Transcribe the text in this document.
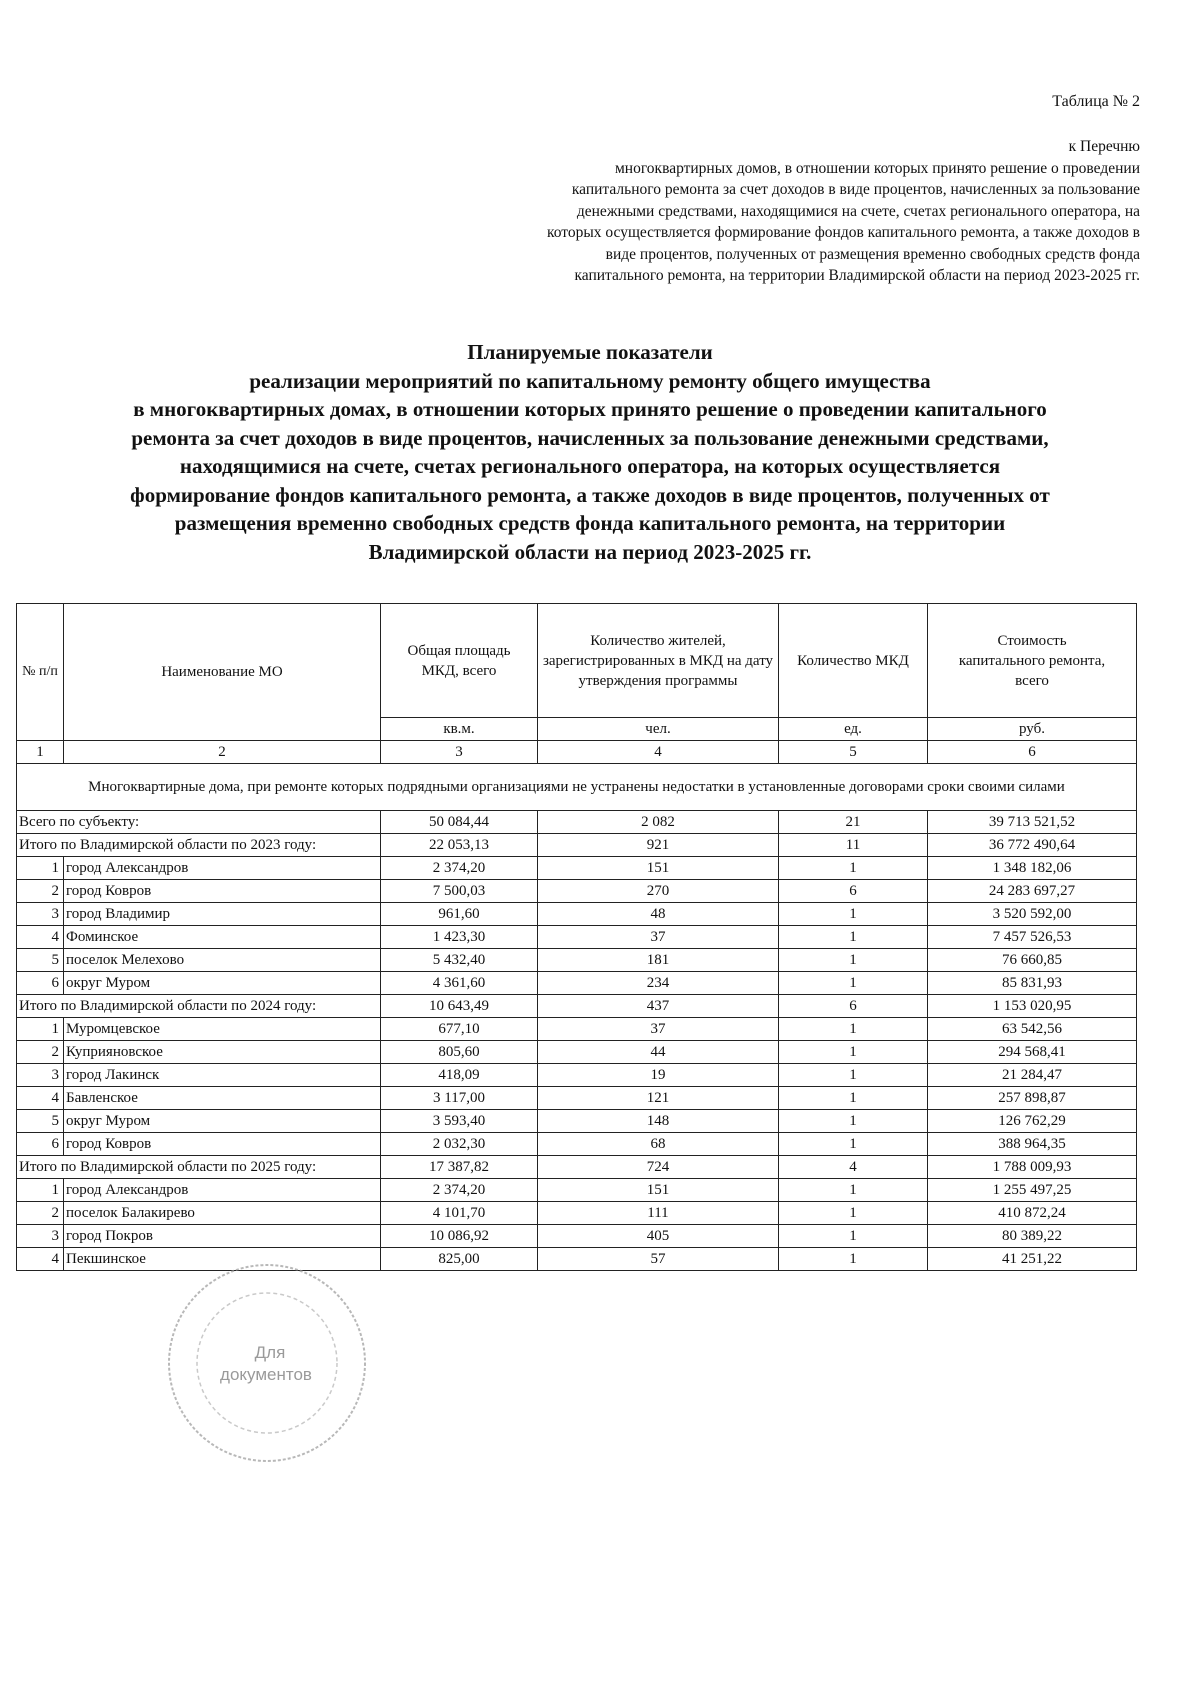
Таблица № 2
к Перечню
многоквартирных домов, в отношении которых принято решение о проведении
капитального ремонта за счет доходов в виде процентов, начисленных за пользование
денежными средствами, находящимися на счете, счетах регионального оператора, на
которых осуществляется формирование фондов капитального ремонта, а также доходов в
виде процентов, полученных от размещения временно свободных средств фонда
капитального ремонта, на территории Владимирской области на период 2023-2025 гг.
Планируемые показатели
реализации мероприятий по капитальному ремонту общего имущества
в многоквартирных домах, в отношении которых принято решение о проведении капитального
ремонта за счет доходов в виде процентов, начисленных за пользование денежными средствами,
находящимися на счете, счетах регионального оператора, на которых осуществляется
формирование фондов капитального ремонта, а также доходов в виде процентов, полученных от
размещения временно свободных средств фонда капитального ремонта, на территории
Владимирской области на период 2023-2025 гг.
№ п/п	Наименование МО	Общая площадь МКД, всего	Количество жителей, зарегистрированных в МКД на дату утверждения программы	Количество МКД	Стоимость капитального ремонта, всего
		кв.м.	чел.	ед.	руб.
1	2	3	4	5	6
Многоквартирные дома, при ремонте которых подрядными организациями не устранены недостатки в установленные договорами сроки своими силами					
Всего по субъекту:		50 084,44	2 082	21	39 713 521,52
Итого по Владимирской области по 2023 году:		22 053,13	921	11	36 772 490,64
1	город Александров	2 374,20	151	1	1 348 182,06
2	город Ковров	7 500,03	270	6	24 283 697,27
3	город Владимир	961,60	48	1	3 520 592,00
4	Фоминское	1 423,30	37	1	7 457 526,53
5	поселок Мелехово	5 432,40	181	1	76 660,85
6	округ Муром	4 361,60	234	1	85 831,93
Итого по Владимирской области по 2024 году:		10 643,49	437	6	1 153 020,95
1	Муромцевское	677,10	37	1	63 542,56
2	Куприяновское	805,60	44	1	294 568,41
3	город Лакинск	418,09	19	1	21 284,47
4	Бавленское	3 117,00	121	1	257 898,87
5	округ Муром	3 593,40	148	1	126 762,29
6	город Ковров	2 032,30	68	1	388 964,35
Итого по Владимирской области по 2025 году:		17 387,82	724	4	1 788 009,93
1	город Александров	2 374,20	151	1	1 255 497,25
2	поселок Балакирево	4 101,70	111	1	410 872,24
3	город Покров	10 086,92	405	1	80 389,22
4	Пекшинское	825,00	57	1	41 251,22
Для
документов
